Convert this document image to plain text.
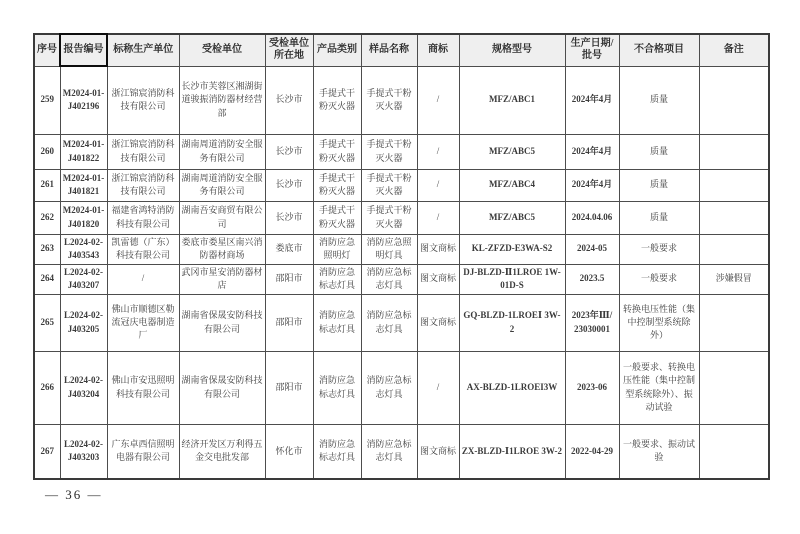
序号	报告编号	标称生产单位	受检单位	受检单位所在地	产品类别	样品名称	商标	规格型号	生产日期/批号	不合格项目	备注
259	M2024-01-J402196	浙江锦宸消防科技有限公司	长沙市芙蓉区湘湖街道骏振消防器材经营部	长沙市	手提式干粉灭火器	手提式干粉灭火器	/	MFZ/ABC1	2024年4月	质量	
260	M2024-01-J401822	浙江锦宸消防科技有限公司	湖南周道消防安全服务有限公司	长沙市	手提式干粉灭火器	手提式干粉灭火器	/	MFZ/ABC5	2024年4月	质量	
261	M2024-01-J401821	浙江锦宸消防科技有限公司	湖南周道消防安全服务有限公司	长沙市	手提式干粉灭火器	手提式干粉灭火器	/	MFZ/ABC4	2024年4月	质量	
262	M2024-01-J401820	福建省鸿特消防科技有限公司	湖南吾安商贸有限公司	长沙市	手提式干粉灭火器	手提式干粉灭火器	/	MFZ/ABC5	2024.04.06	质量	
263	L2024-02-J403543	凯雷德（广东）科技有限公司	娄底市娄星区南兴消防器材商场	娄底市	消防应急照明灯	消防应急照明灯具	图文商标	KL-ZFZD-E3WA-S2	2024-05	一般要求	
264	L2024-02-J403207	/	武冈市星安消防器材店	邵阳市	消防应急标志灯具	消防应急标志灯具	图文商标	DJ-BLZD-Ⅱ1LROE 1W-01D-S	2023.5	一般要求	涉嫌假冒
265	L2024-02-J403205	佛山市顺德区勒流冠庆电器制造厂	湖南省保晟安防科技有限公司	邵阳市	消防应急标志灯具	消防应急标志灯具	图文商标	GQ-BLZD-1LROEⅠ 3W-2	2023年Ⅲ/ 23030001	转换电压性能（集中控制型系统除外）	
266	L2024-02-J403204	佛山市安迅照明科技有限公司	湖南省保晟安防科技有限公司	邵阳市	消防应急标志灯具	消防应急标志灯具	/	AX-BLZD-1LROEI3W	2023-06	一般要求、转换电压性能（集中控制型系统除外）、振动试验	
267	L2024-02-J403203	广东卓西信照明电器有限公司	经济开发区万利得五金交电批发部	怀化市	消防应急标志灯具	消防应急标志灯具	图文商标	ZX-BLZD-Ⅰ1LROE 3W-2	2022-04-29	一般要求、振动试验	
— 36 —
